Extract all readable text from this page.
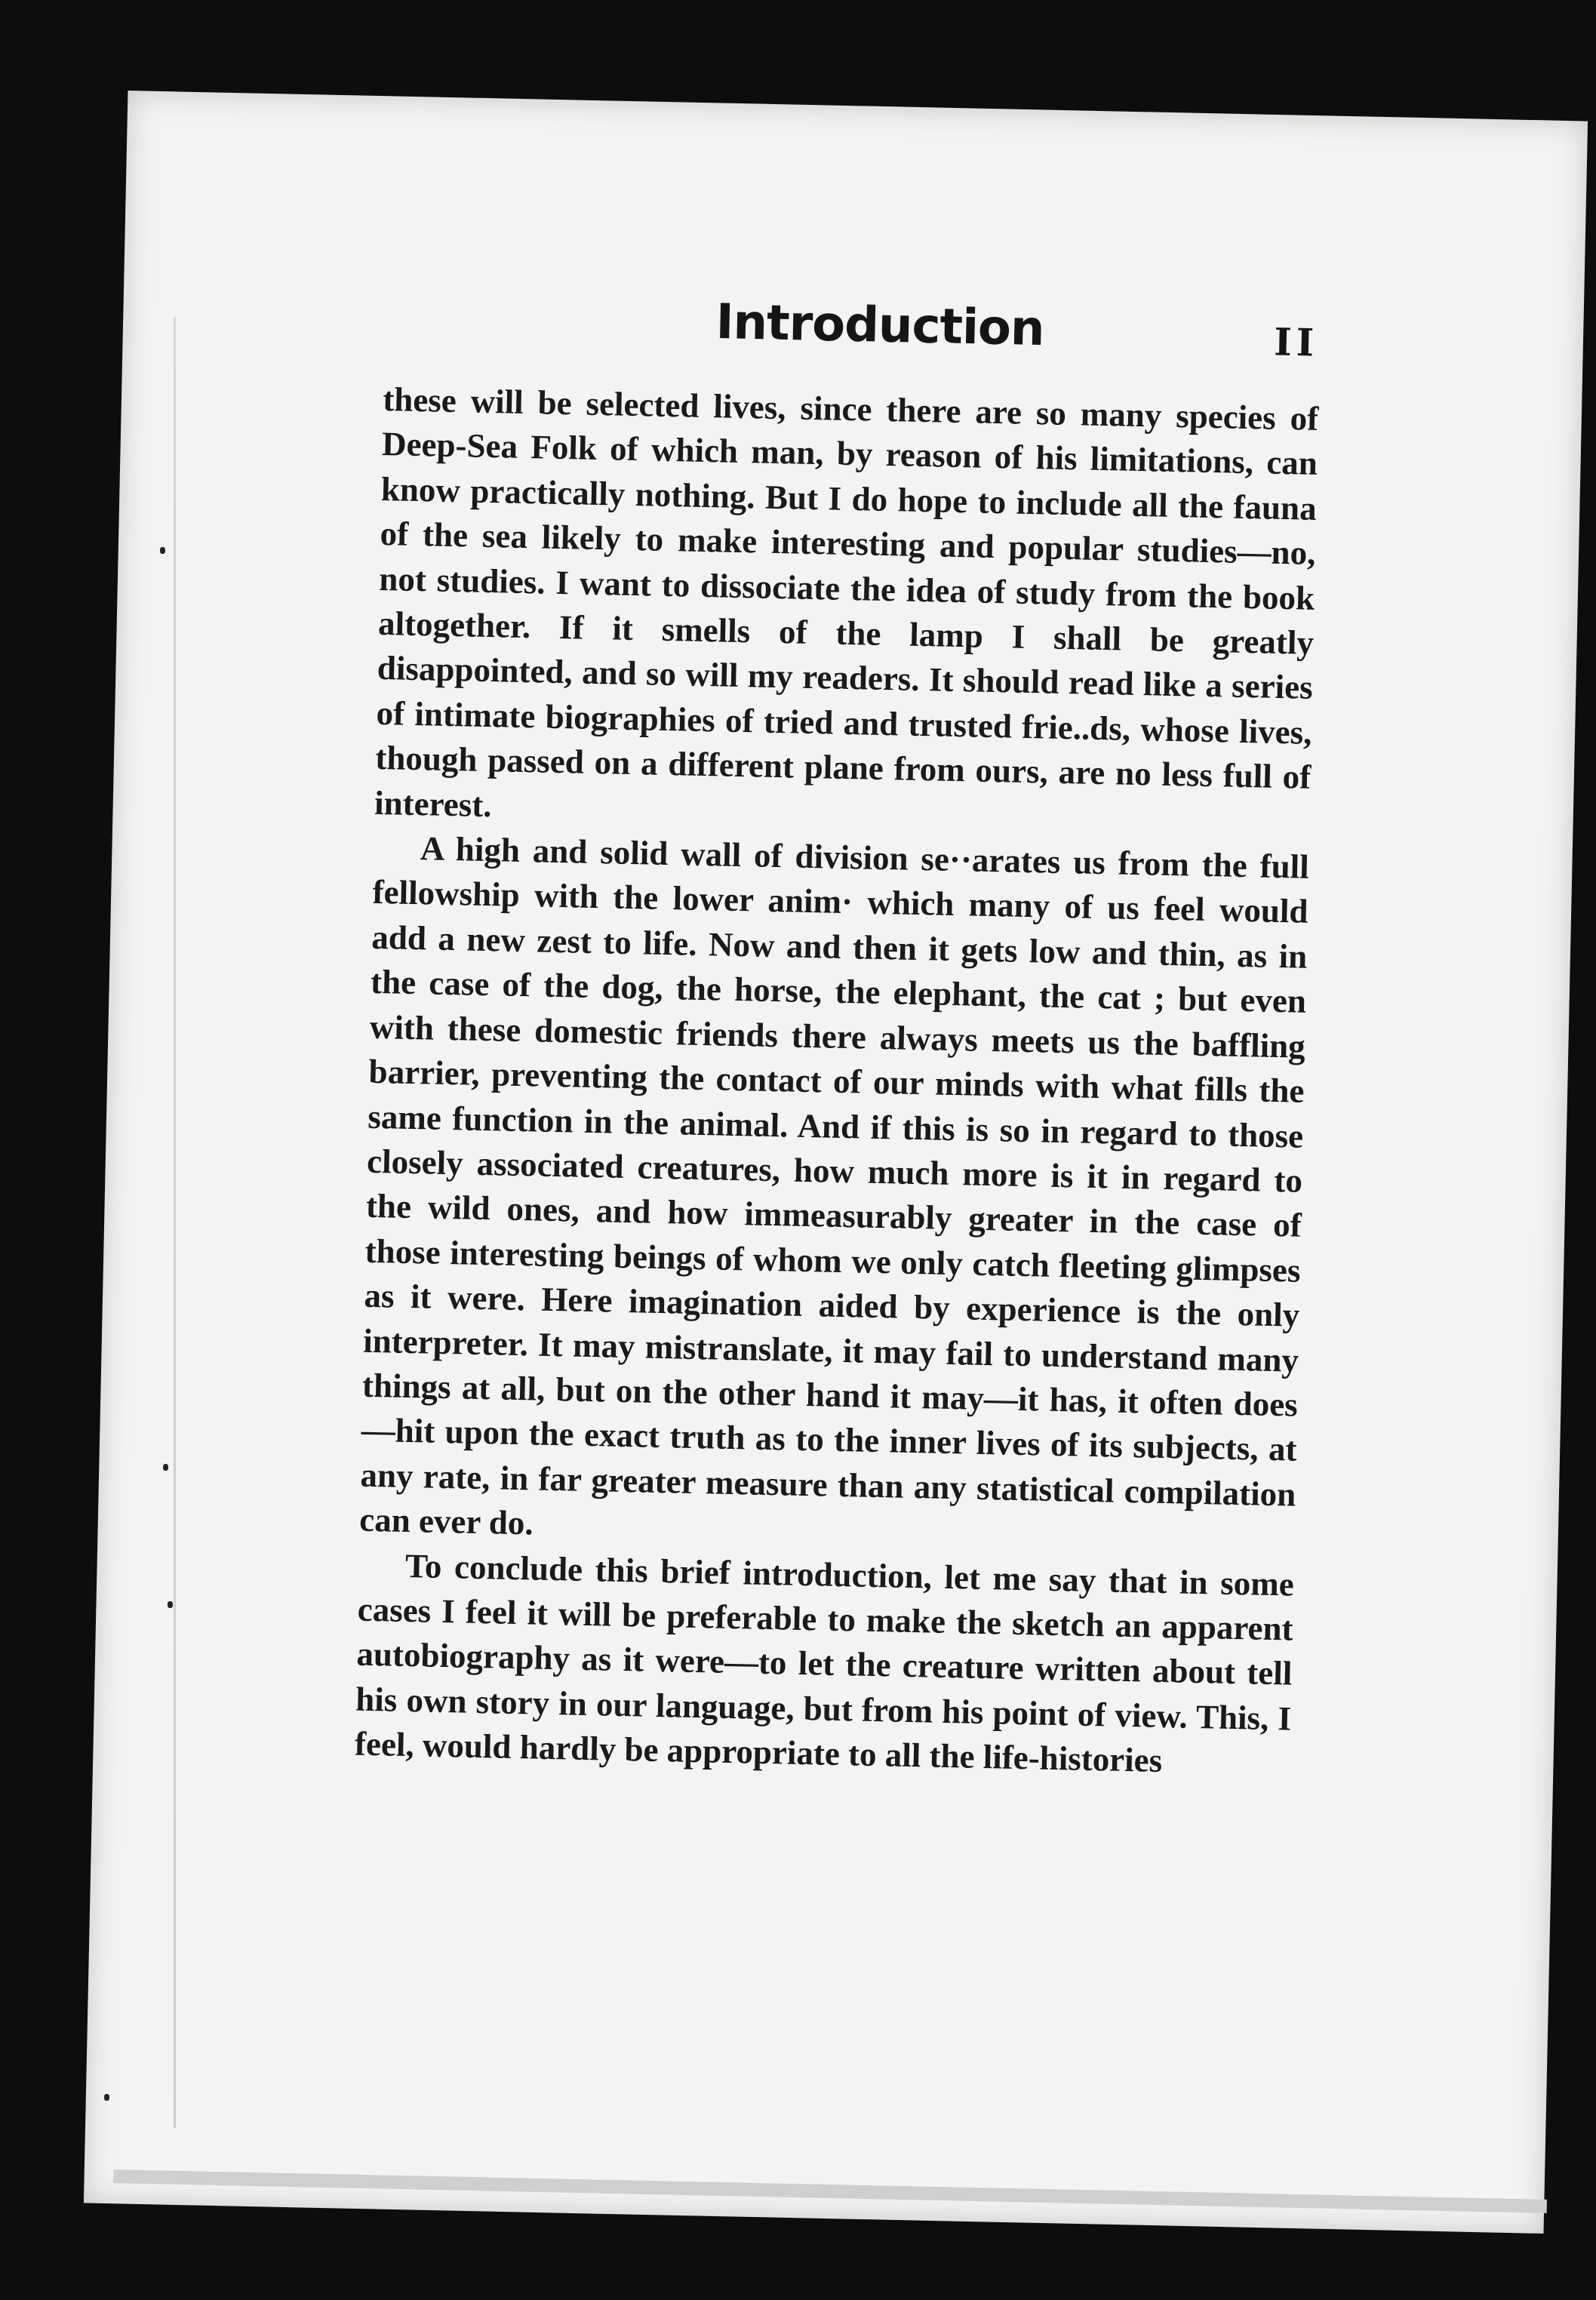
Introduction	II

these will be selected lives, since there are so many species of Deep-Sea Folk of which man, by reason of his limitations, can know practically nothing. But I do hope to include all the fauna of the sea likely to make interesting and popular studies—no, not studies. I want to dissociate the idea of study from the book altogether. If it smells of the lamp I shall be greatly disappointed, and so will my readers. It should read like a series of intimate biographies of tried and trusted frie..ds, whose lives, though passed on a different plane from ours, are no less full of interest.

A high and solid wall of division se··arates us from the full fellowship with the lower anim· which many of us feel would add a new zest to life. Now and then it gets low and thin, as in the case of the dog, the horse, the elephant, the cat ; but even with these domestic friends there always meets us the baffling barrier, preventing the contact of our minds with what fills the same function in the animal. And if this is so in regard to those closely associated creatures, how much more is it in regard to the wild ones, and how immeasurably greater in the case of those interesting beings of whom we only catch fleeting glimpses as it were. Here imagination aided by experience is the only interpreter. It may mistranslate, it may fail to understand many things at all, but on the other hand it may—it has, it often does—hit upon the exact truth as to the inner lives of its subjects, at any rate, in far greater measure than any statistical compilation can ever do.

To conclude this brief introduction, let me say that in some cases I feel it will be preferable to make the sketch an apparent autobiography as it were—to let the creature written about tell his own story in our language, but from his point of view. This, I feel, would hardly be appropriate to all the life-histories
